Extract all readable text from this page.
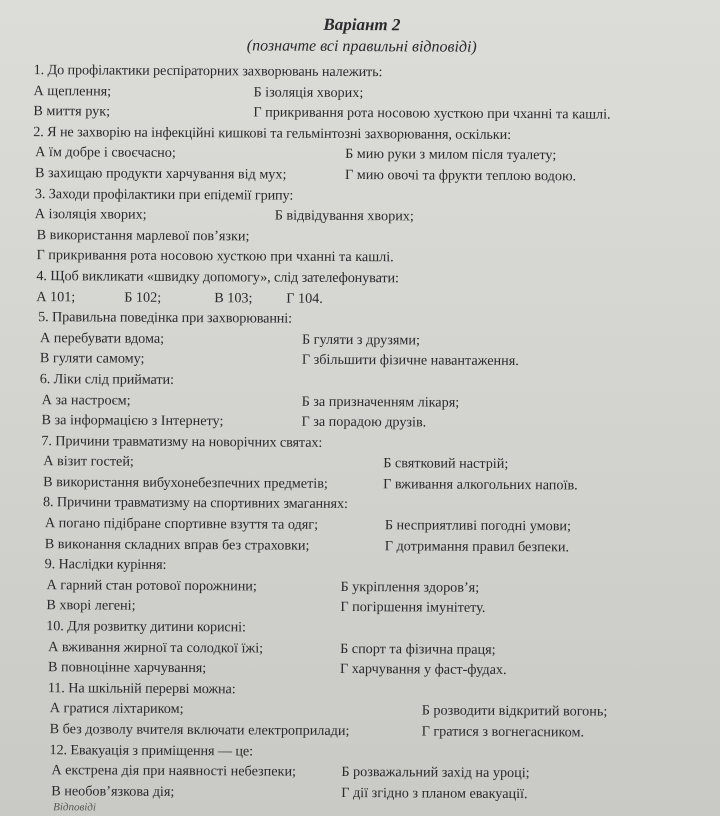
Варіант 2

(позначте всі правильні відповіді)

1. До профілактики респіраторних захворювань належить:
А щеплення;	Б ізоляція хворих;
В миття рук;	Г прикривання рота носовою хусткою при чханні та кашлі.
2. Я не захворію на інфекційні кишкові та гельмінтозні захворювання, оскільки:
А їм добре і своєчасно;	Б мию руки з милом після туалету;
В захищаю продукти харчування від мух;	Г мию овочі та фрукти теплою водою.
3. Заходи профілактики при епідемії грипу:
А ізоляція хворих;	Б відвідування хворих;
В використання марлевої пов’язки;
Г прикривання рота носовою хусткою при чханні та кашлі.
4. Щоб викликати «швидку допомогу», слід зателефонувати:
А 101;	Б 102;	В 103; Г 104.
5. Правильна поведінка при захворюванні:
А перебувати вдома;	Б гуляти з друзями;
В гуляти самому;	Г збільшити фізичне навантаження.
6. Ліки слід приймати:
А за настроєм;	Б за призначенням лікаря;
В за інформацією з Інтернету;	Г за порадою друзів.
7. Причини травматизму на новорічних святах:
А візит гостей;	Б святковий настрій;
В використання вибухонебезпечних предметів;	Г вживання алкогольних напоїв.
8. Причини травматизму на спортивних змаганнях:
А погано підібране спортивне взуття та одяг;	Б несприятливі погодні умови;
В виконання складних вправ без страховки;	Г дотримання правил безпеки.
9. Наслідки куріння:
А гарний стан ротової порожнини;	Б укріплення здоров’я;
В хворі легені;	Г погіршення імунітету.
10. Для розвитку дитини корисні:
А вживання жирної та солодкої їжі;	Б спорт та фізична праця;
В повноцінне харчування;	Г харчування у фаст-фудах.
11. На шкільній перерві можна:
А гратися ліхтариком;	Б розводити відкритий вогонь;
В без дозволу вчителя включати електроприлади;	Г гратися з вогнегасником.
12. Евакуація з приміщення — це:
А екстрена дія при наявності небезпеки;	Б розважальний захід на уроці;
В необов’язкова дія;	Г дії згідно з планом евакуації.
Відповіді
